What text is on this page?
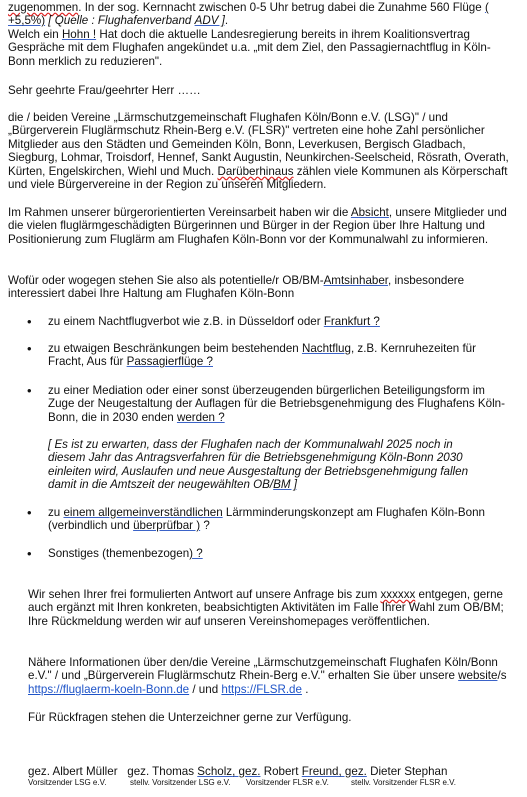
zugenommen. In der sog. Kernnacht zwischen 0-5 Uhr betrug dabei die Zunahme 560 Flüge ( +5,5%) [ Quelle : Flughafenverband ADV ].

Welch ein Hohn ! Hat doch die aktuelle Landesregierung bereits in ihrem Koalitionsvertrag Gespräche mit dem Flughafen angekündet u.a. „mit dem Ziel, den Passagiernachtflug in Köln-Bonn merklich zu reduzieren".

Sehr geehrte Frau/geehrter Herr ……

die / beiden Vereine „Lärmschutzgemeinschaft Flughafen Köln/Bonn e.V. (LSG)" / und „Bürgerverein Fluglärmschutz Rhein-Berg e.V. (FLSR)" vertreten eine hohe Zahl persönlicher Mitglieder aus den Städten und Gemeinden Köln, Bonn, Leverkusen, Bergisch Gladbach, Siegburg, Lohmar, Troisdorf, Hennef, Sankt Augustin, Neunkirchen-Seelscheid, Rösrath, Overath, Kürten, Engelskirchen, Wiehl und Much. Darüberhinaus zählen viele Kommunen als Körperschaft und viele Bürgervereine in der Region zu unseren Mitgliedern.

Im Rahmen unserer bürgerorientierten Vereinsarbeit haben wir die Absicht, unsere Mitglieder und die vielen fluglärmgeschädigten Bürgerinnen und Bürger in der Region über Ihre Haltung und Positionierung zum Fluglärm am Flughafen Köln-Bonn vor der Kommunalwahl zu informieren.

Wofür oder wogegen stehen Sie also als potentielle/r OB/BM-Amtsinhaber, insbesondere interessiert dabei Ihre Haltung am Flughafen Köln-Bonn

• zu einem Nachtflugverbot wie z.B. in Düsseldorf oder Frankfurt ?
• zu etwaigen Beschränkungen beim bestehenden Nachtflug, z.B. Kernruhezeiten für Fracht, Aus für Passagierflüge ?
• zu einer Mediation oder einer sonst überzeugenden bürgerlichen Beteiligungsform im Zuge der Neugestaltung der Auflagen für die Betriebsgenehmigung des Flughafens Köln-Bonn, die in 2030 enden werden ?

[ Es ist zu erwarten, dass der Flughafen nach der Kommunalwahl 2025 noch in diesem Jahr das Antragsverfahren für die Betriebsgenehmigung Köln-Bonn 2030 einleiten wird, Auslaufen und neue Ausgestaltung der Betriebsgenehmigung fallen damit in die Amtszeit der neugewählten OB/BM ]

• zu einem allgemeinverständlichen Lärmminderungskonzept am Flughafen Köln-Bonn (verbindlich und überprüfbar ) ?
• Sonstiges (themenbezogen) ?

Wir sehen Ihrer frei formulierten Antwort auf unsere Anfrage bis zum xxxxxx entgegen, gerne auch ergänzt mit Ihren konkreten, beabsichtigten Aktivitäten im Falle Ihrer Wahl zum OB/BM; Ihre Rückmeldung werden wir auf unseren Vereinshomepages veröffentlichen.

Nähere Informationen über den/die Vereine „Lärmschutzgemeinschaft Flughafen Köln/Bonn e.V." / und „Bürgerverein Fluglärmschutz Rhein-Berg e.V." erhalten Sie über unsere website/s https://fluglaerm-koeln-Bonn.de / und https://FLSR.de .

Für Rückfragen stehen die Unterzeichner gerne zur Verfügung.

gez. Albert Müller gez. Thomas Scholz, gez. Robert Freund, gez. Dieter Stephan
Vorsitzender LSG e.V.	stellv. Vorsitzender LSG e.V. Vorsitzender FLSR e.V.	stellv. Vorsitzender FLSR e.V.
